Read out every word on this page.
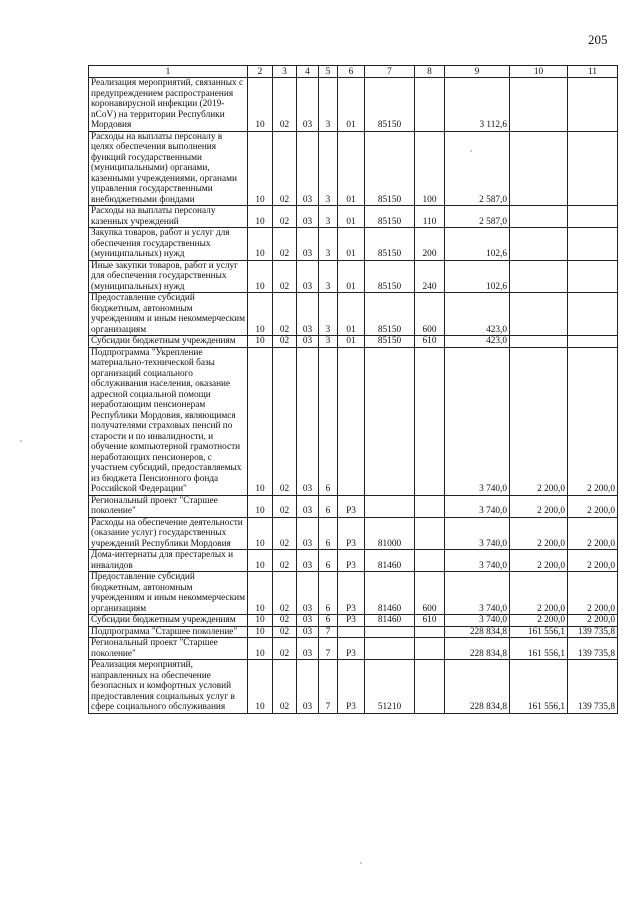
205
1	2	3	4	5	6	7	8	9	10	11
Реализация мероприятий, связанных с предупреждением распространения коронавирусной инфекции (2019-nCoV) на территории Республики Мордовия	10	02	03	3	01	85150		3 112,6		
Расходы на выплаты персоналу в целях обеспечения выполнения функций государственными (муниципальными) органами, казенными учреждениями, органами управления государственными внебюджетными фондами	10	02	03	3	01	85150	100	2 587,0		
Расходы на выплаты персоналу казенных учреждений	10	02	03	3	01	85150	110	2 587,0		
Закупка товаров, работ и услуг для обеспечения государственных (муниципальных) нужд	10	02	03	3	01	85150	200	102,6		
Иные закупки товаров, работ и услуг для обеспечения государственных (муниципальных) нужд	10	02	03	3	01	85150	240	102,6		
Предоставление субсидий бюджетным, автономным учреждениям и иным некоммерческим организациям	10	02	03	3	01	85150	600	423,0		
Субсидии бюджетным учреждениям	10	02	03	3	01	85150	610	423,0		
Подпрограмма "Укрепление материально-технической базы организаций социального обслуживания населения, оказание адресной социальной помощи неработающим пенсионерам Республики Мордовия, являющимся получателями страховых пенсий по старости и по инвалидности, и обучение компьютерной грамотности неработающих пенсионеров, с участием субсидий, предоставляемых из бюджета Пенсионного фонда Российской Федерации"	10	02	03	6				3 740,0	2 200,0	2 200,0
Региональный проект "Старшее поколение"	10	02	03	6	P3			3 740,0	2 200,0	2 200,0
Расходы на обеспечение деятельности (оказание услуг) государственных учреждений Республики Мордовия	10	02	03	6	P3	81000		3 740,0	2 200,0	2 200,0
Дома-интернаты для престарелых и инвалидов	10	02	03	6	P3	81460		3 740,0	2 200,0	2 200,0
Предоставление субсидий бюджетным, автономным учреждениям и иным некоммерческим организациям	10	02	03	6	P3	81460	600	3 740,0	2 200,0	2 200,0
Субсидии бюджетным учреждениям	10	02	03	6	P3	81460	610	3 740,0	2 200,0	2 200,0
Подпрограмма "Старшее поколение"	10	02	03	7				228 834,8	161 556,1	139 735,8
Региональный проект "Старшее поколение"	10	02	03	7	P3			228 834,8	161 556,1	139 735,8
Реализация мероприятий, направленных на обеспечение безопасных и комфортных условий предоставления социальных услуг в сфере социального обслуживания	10	02	03	7	P3	51210		228 834,8	161 556,1	139 735,8
